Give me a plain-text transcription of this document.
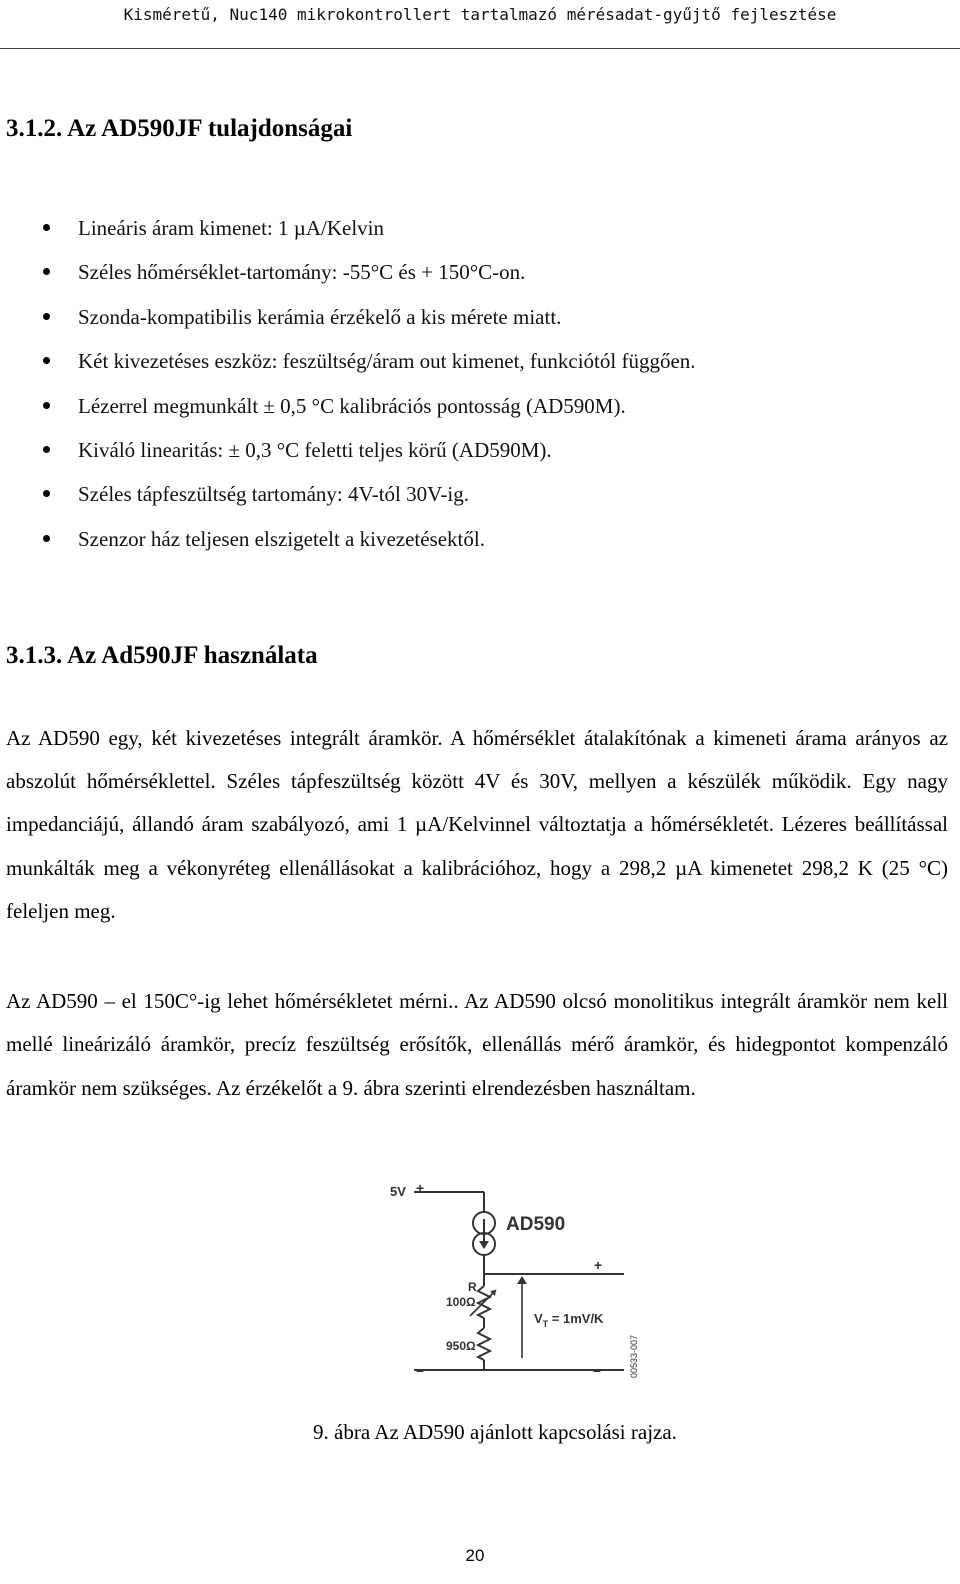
Kisméretű, Nuc140 mikrokontrollert tartalmazó mérésadat-gyűjtő fejlesztése
3.1.2. Az AD590JF tulajdonságai
Lineáris áram kimenet: 1 µA/Kelvin
Széles hőmérséklet-tartomány: -55°C és + 150°C-on.
Szonda-kompatibilis kerámia érzékelő a kis mérete miatt.
Két kivezetéses eszköz: feszültség/áram out kimenet, funkciótól függően.
Lézerrel megmunkált ± 0,5 °C kalibrációs pontosság (AD590M).
Kiváló linearitás: ± 0,3 °C feletti teljes körű (AD590M).
Széles tápfeszültség tartomány: 4V-tól 30V-ig.
Szenzor ház teljesen elszigetelt a kivezetésektől.
3.1.3. Az Ad590JF használata

Az AD590 egy, két kivezetéses integrált áramkör. A hőmérséklet átalakítónak a kimeneti árama arányos az abszolút hőmérséklettel. Széles tápfeszültség között 4V és 30V, mellyen a készülék működik. Egy nagy impedanciájú, állandó áram szabályozó, ami 1 µA/Kelvinnel változtatja a hőmérsékletét. Lézeres beállítással munkálták meg a vékonyréteg ellenállásokat a kalibrációhoz, hogy a 298,2 µA kimenetet 298,2 K (25 °C) feleljen meg.

Az AD590 – el 150C°-ig lehet hőmérsékletet mérni.. Az AD590 olcsó monolitikus integrált áramkör nem kell mellé lineárizáló áramkör, precíz feszültség erősítők, ellenállás mérő áramkör, és hidegpontot kompenzáló áramkör nem szükséges. Az érzékelőt a 9. ábra szerinti elrendezésben használtam.

5V +
AD590
+
R
100Ω
950Ω
$V_T = 1mV/K$
–	–	00533-007
9. ábra Az AD590 ajánlott kapcsolási rajza.
20
